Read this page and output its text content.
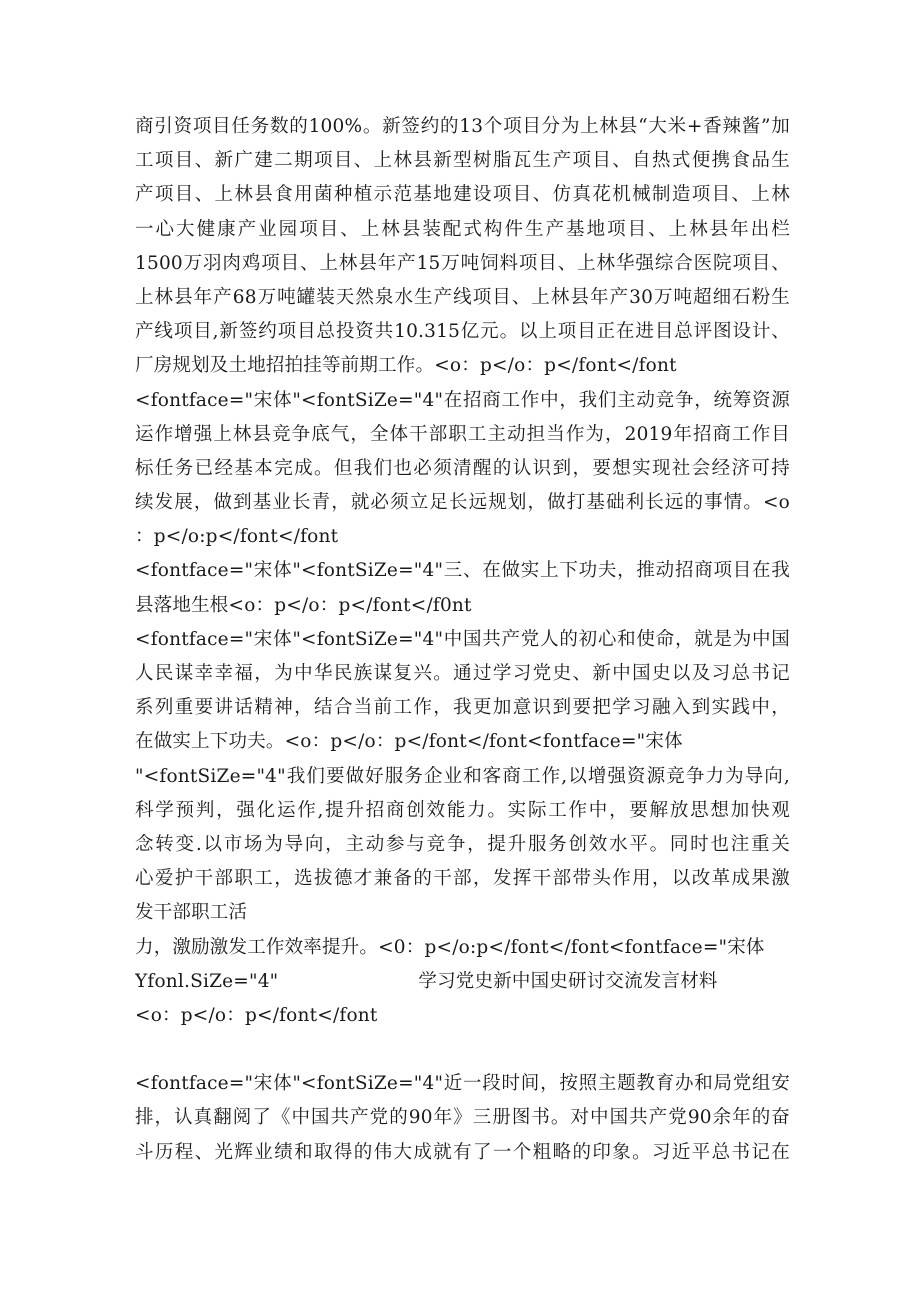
商引资项目任务数的100%。新签约的13个项目分为上林县“大米+香辣酱”加
工项目、新广建二期项目、上林县新型树脂瓦生产项目、自热式便携食品生
产项目、上林县食用菌种植示范基地建设项目、仿真花机械制造项目、上林
一心大健康产业园项目、上林县装配式构件生产基地项目、上林县年出栏
1500万羽肉鸡项目、上林县年产15万吨饲料项目、上林华强综合医院项目、
上林县年产68万吨罐装天然泉水生产线项目、上林县年产30万吨超细石粉生
产线项目,新签约项目总投资共10.315亿元。以上项目正在进目总评图设计、
厂房规划及土地招拍挂等前期工作。<o：p</o：p</font</font
<fontface="宋体"<fontSiZe="4"在招商工作中，我们主动竞争，统筹资源
运作增强上林县竞争底气，全体干部职工主动担当作为，2019年招商工作目
标任务已经基本完成。但我们也必须清醒的认识到，要想实现社会经济可持
续发展，做到基业长青，就必须立足长远规划，做打基础利长远的事情。<o
：p</o:p</font</font
<fontface="宋体"<fontSiZe="4"三、在做实上下功夫，推动招商项目在我
县落地生根<o：p</o：p</font</f0nt
<fontface="宋体"<fontSiZe="4"中国共产党人的初心和使命，就是为中国
人民谋幸幸福，为中华民族谋复兴。通过学习党史、新中国史以及习总书记
系列重要讲话精神，结合当前工作，我更加意识到要把学习融入到实践中，
在做实上下功夫。<o：p</o：p</font</font<fontface="宋体
"<fontSiZe="4"我们要做好服务企业和客商工作,以增强资源竞争力为导向,
科学预判，强化运作,提升招商创效能力。实际工作中，要解放思想加快观
念转变.以市场为导向，主动参与竞争，提升服务创效水平。同时也注重关
心爱护干部职工，选拔德才兼备的干部，发挥干部带头作用，以改革成果激
发干部职工活
力，激励激发工作效率提升。<0：p</o:p</font</font<fontface="宋体
Yfonl.SiZe="4"	学习党史新中国史研讨交流发言材料
<o：p</o：p</font</font
<fontface="宋体"<fontSiZe="4"近一段时间，按照主题教育办和局党组安
排，认真翻阅了《中国共产党的90年》三册图书。对中国共产党90余年的奋
斗历程、光辉业绩和取得的伟大成就有了一个粗略的印象。习近平总书记在
